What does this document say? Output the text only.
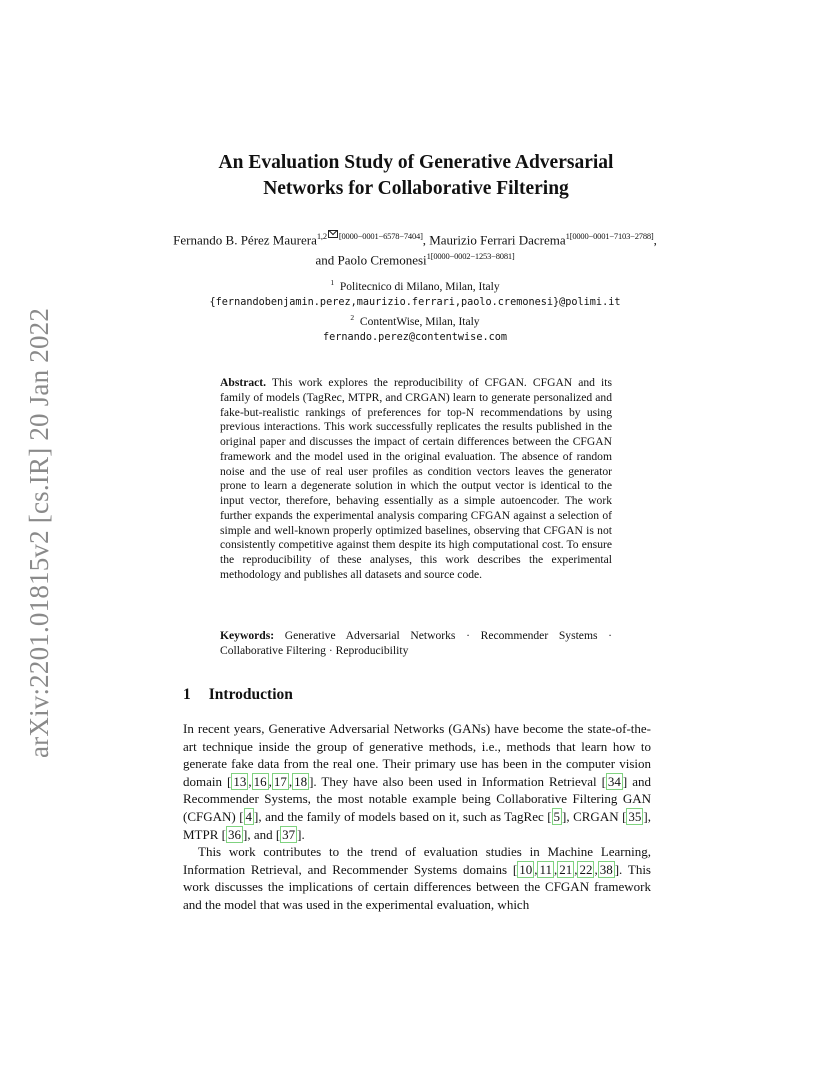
arXiv:2201.01815v2 [cs.IR] 20 Jan 2022
An Evaluation Study of Generative Adversarial
Networks for Collaborative Filtering
Fernando B. Pérez Maurera$^{1,2 [0000-0001-6578-7404]}$, Maurizio Ferrari Dacrema$^{1[0000-0001-7103-2788]}$, and Paolo Cremonesi$^{1[0000-0002-1253-8081]}$
$^1$ Politecnico di Milano, Milan, Italy
{fernandobenjamin.perez,maurizio.ferrari,paolo.cremonesi}@polimi.it
$^2$ ContentWise, Milan, Italy
fernando.perez@contentwise.com
Abstract. This work explores the reproducibility of CFGAN. CFGAN and its family of models (TagRec, MTPR, and CRGAN) learn to generate personalized and fake-but-realistic rankings of preferences for top-N recommendations by using previous interactions. This work successfully replicates the results published in the original paper and discusses the impact of certain differences between the CFGAN framework and the model used in the original evaluation. The absence of random noise and the use of real user profiles as condition vectors leaves the generator prone to learn a degenerate solution in which the output vector is identical to the input vector, therefore, behaving essentially as a simple autoencoder. The work further expands the experimental analysis comparing CFGAN against a selection of simple and well-known properly optimized baselines, observing that CFGAN is not consistently competitive against them despite its high computational cost. To ensure the reproducibility of these analyses, this work describes the experimental methodology and publishes all datasets and source code.
Keywords: Generative Adversarial Networks · Recommender Systems · Collaborative Filtering · Reproducibility
1 Introduction

In recent years, Generative Adversarial Networks (GANs) have become the state-of-the-art technique inside the group of generative methods, i.e., methods that learn how to generate fake data from the real one. Their primary use has been in the computer vision domain [ 13 , 16 , 17 , 18 ]. They have also been used in Information Retrieval [ 34 ] and Recommender Systems, the most notable example being Collaborative Filtering GAN (CFGAN) [ 4 ], and the family of models based on it, such as TagRec [ 5 ], CRGAN [ 35 ], MTPR [ 36 ], and [ 37 ].

This work contributes to the trend of evaluation studies in Machine Learning, Information Retrieval, and Recommender Systems domains [ 10 , 11 , 21 , 22 , 38 ]. This work discusses the implications of certain differences between the CFGAN framework and the model that was used in the experimental evaluation, which
